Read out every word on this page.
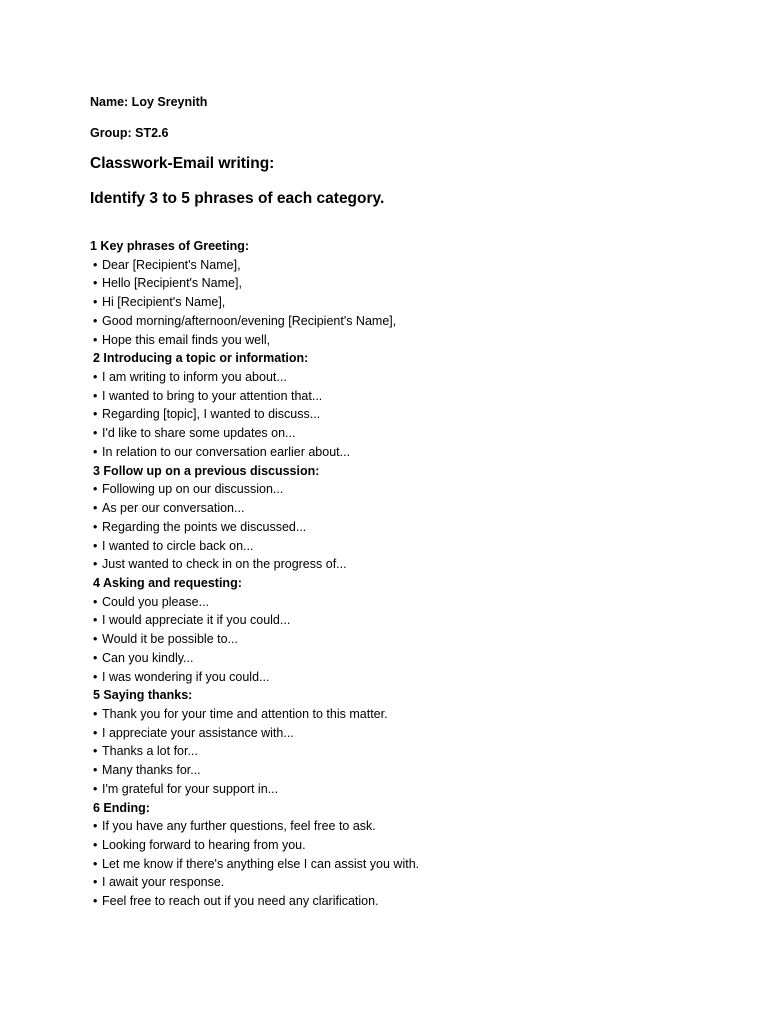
Name: Loy Sreynith
Group: ST2.6
Classwork-Email writing:
Identify 3 to 5 phrases of each category.
1 Key phrases of Greeting:
• Dear [Recipient's Name],
• Hello [Recipient's Name],
• Hi [Recipient's Name],
• Good morning/afternoon/evening [Recipient's Name],
• Hope this email finds you well,
2 Introducing a topic or information:
• I am writing to inform you about...
• I wanted to bring to your attention that...
• Regarding [topic], I wanted to discuss...
• I'd like to share some updates on...
• In relation to our conversation earlier about...
3 Follow up on a previous discussion:
• Following up on our discussion...
• As per our conversation...
• Regarding the points we discussed...
• I wanted to circle back on...
• Just wanted to check in on the progress of...
4 Asking and requesting:
• Could you please...
• I would appreciate it if you could...
• Would it be possible to...
• Can you kindly...
• I was wondering if you could...
5 Saying thanks:
• Thank you for your time and attention to this matter.
• I appreciate your assistance with...
• Thanks a lot for...
• Many thanks for...
• I'm grateful for your support in...
6 Ending:
• If you have any further questions, feel free to ask.
• Looking forward to hearing from you.
• Let me know if there's anything else I can assist you with.
• I await your response.
• Feel free to reach out if you need any clarification.
